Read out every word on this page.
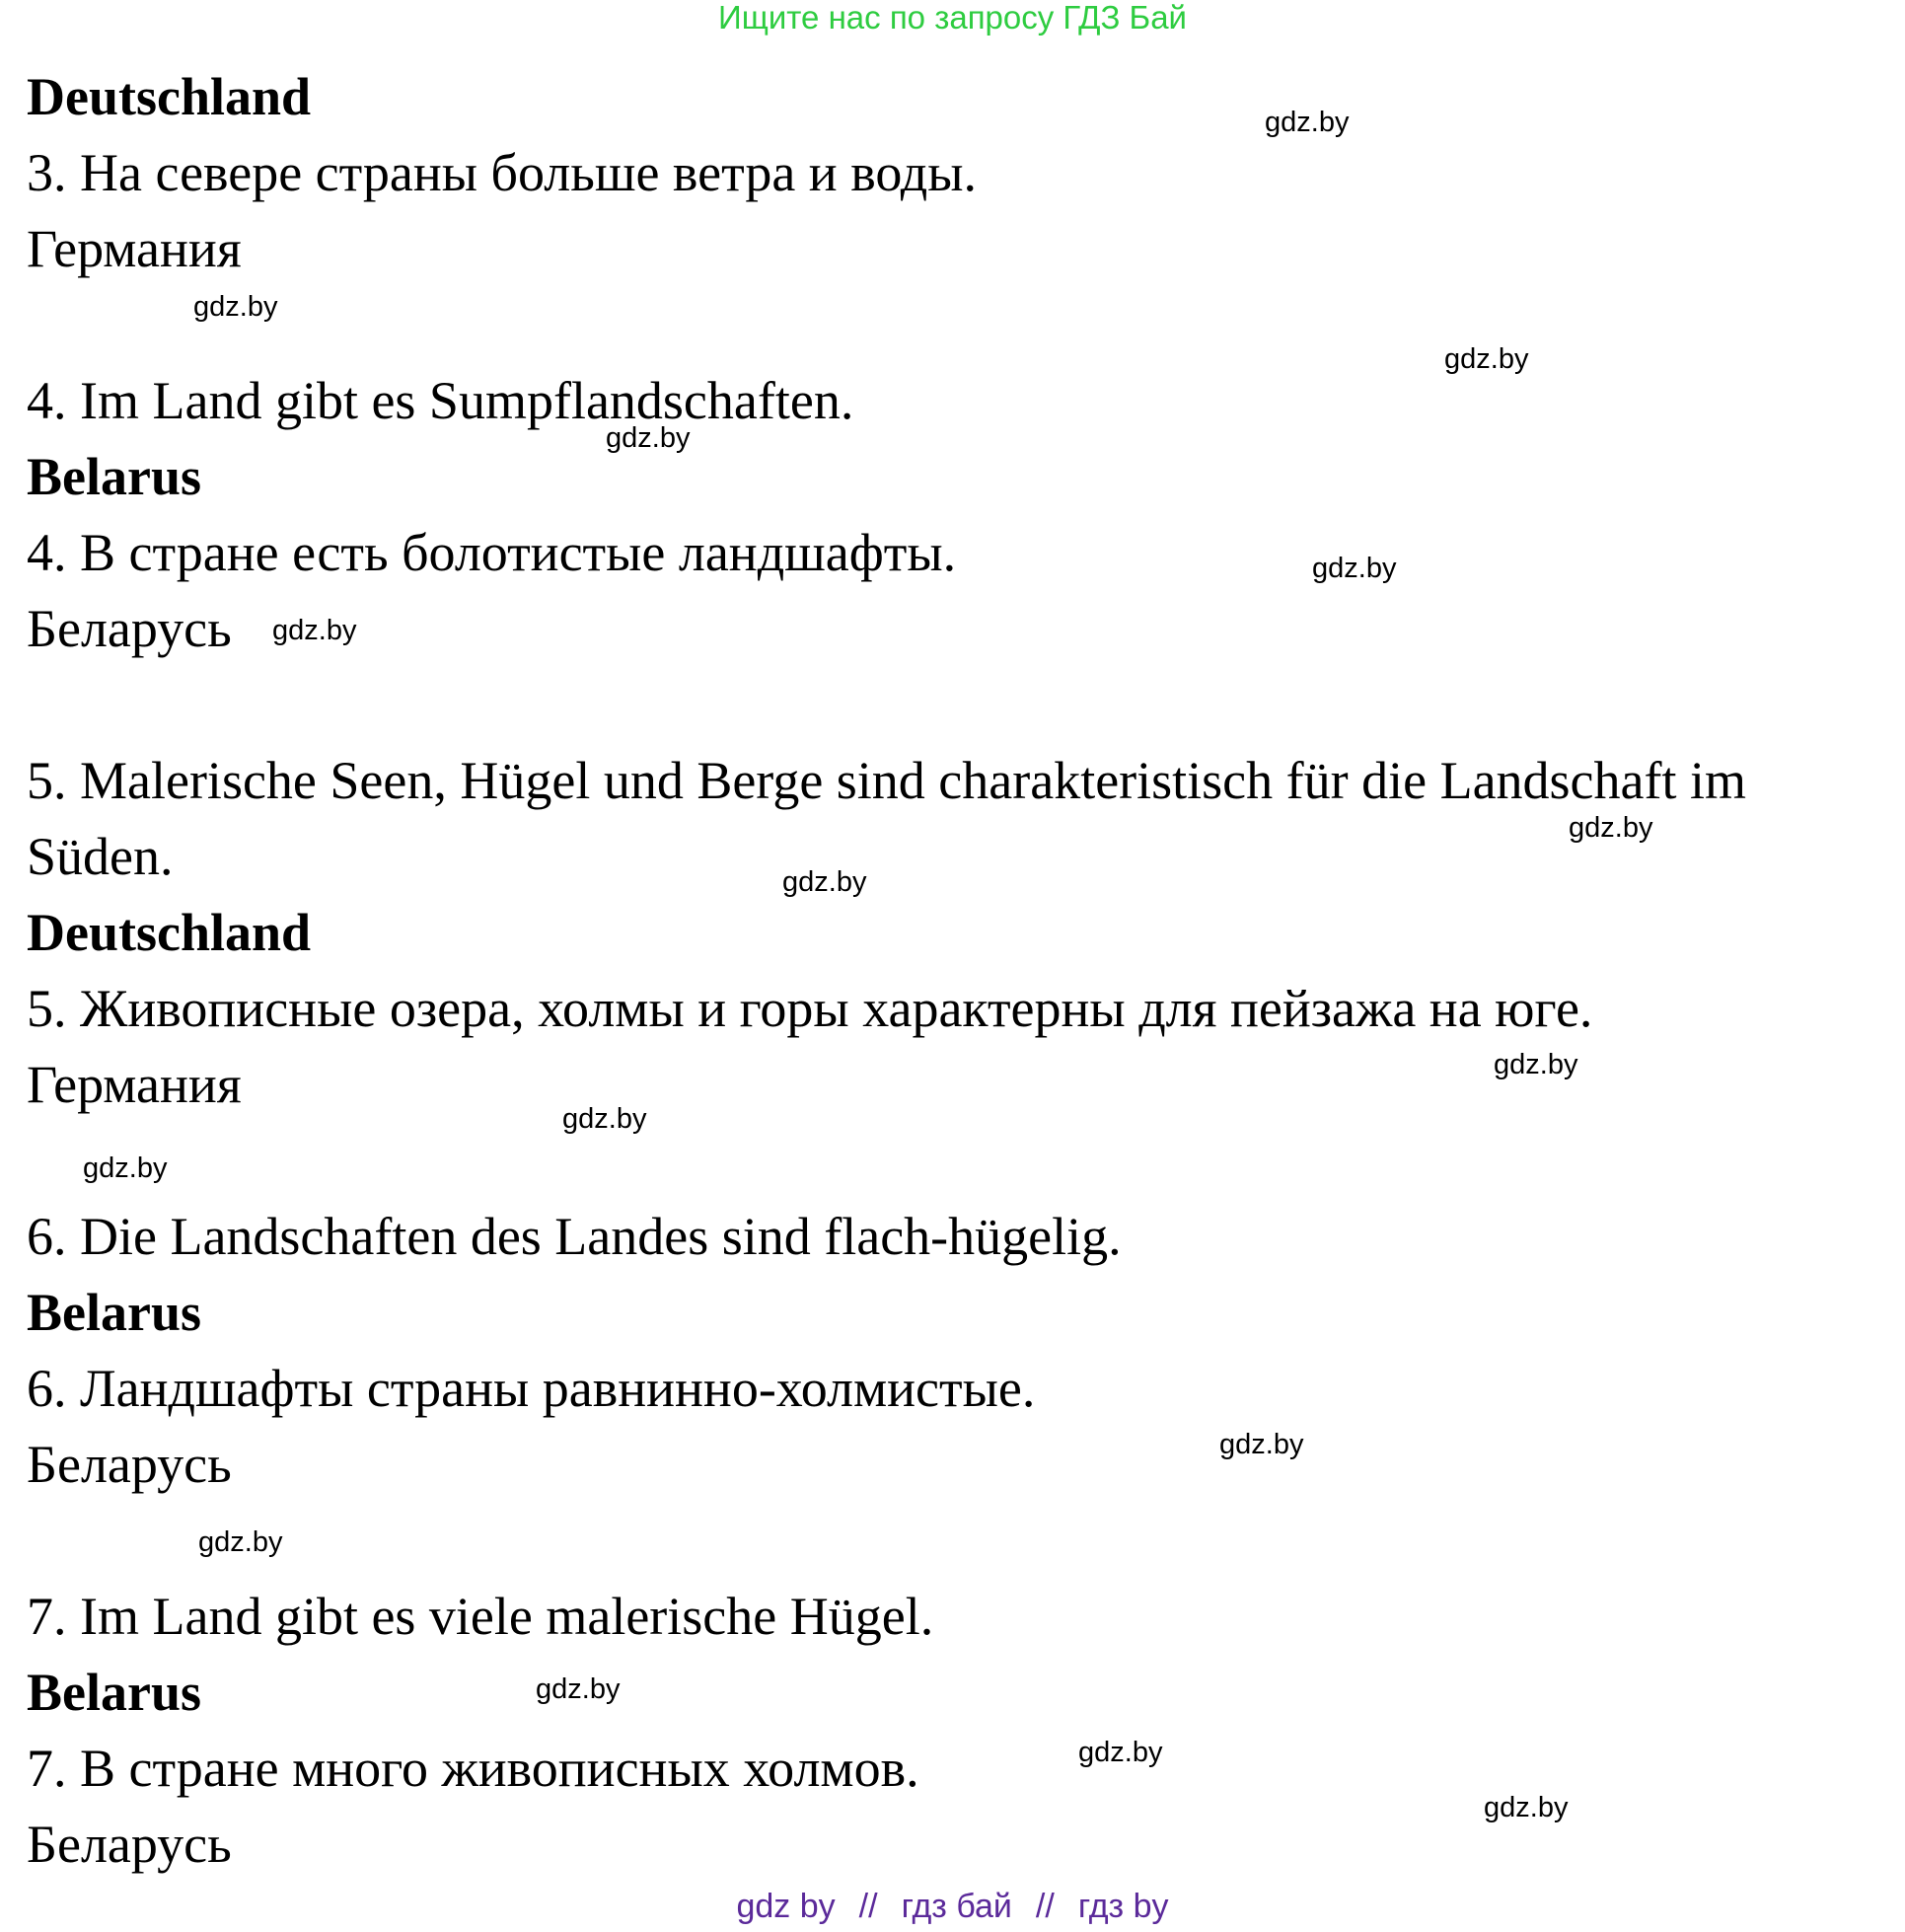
Ищите нас по запросу ГДЗ Бай
Deutschland
3. На севере страны больше ветра и воды.
Германия
4. Im Land gibt es Sumpflandschaften.
Belarus
4. В стране есть болотистые ландшафты.
Беларусь
5. Malerische Seen, Hügel und Berge sind charakteristisch für die Landschaft im
Süden.
Deutschland
5. Живописные озера, холмы и горы характерны для пейзажа на юге.
Германия
6. Die Landschaften des Landes sind flach-hügelig.
Belarus
6. Ландшафты страны равнинно-холмистые.
Беларусь
7. Im Land gibt es viele malerische Hügel.
Belarus
7. В стране много живописных холмов.
Беларусь
gdz.by
gdz.by
gdz.by
gdz.by
gdz.by
gdz.by
gdz.by
gdz.by
gdz.by
gdz.by
gdz.by
gdz.by
gdz.by
gdz.by
gdz.by
gdz.by
gdz by // гдз бай // гдз by
